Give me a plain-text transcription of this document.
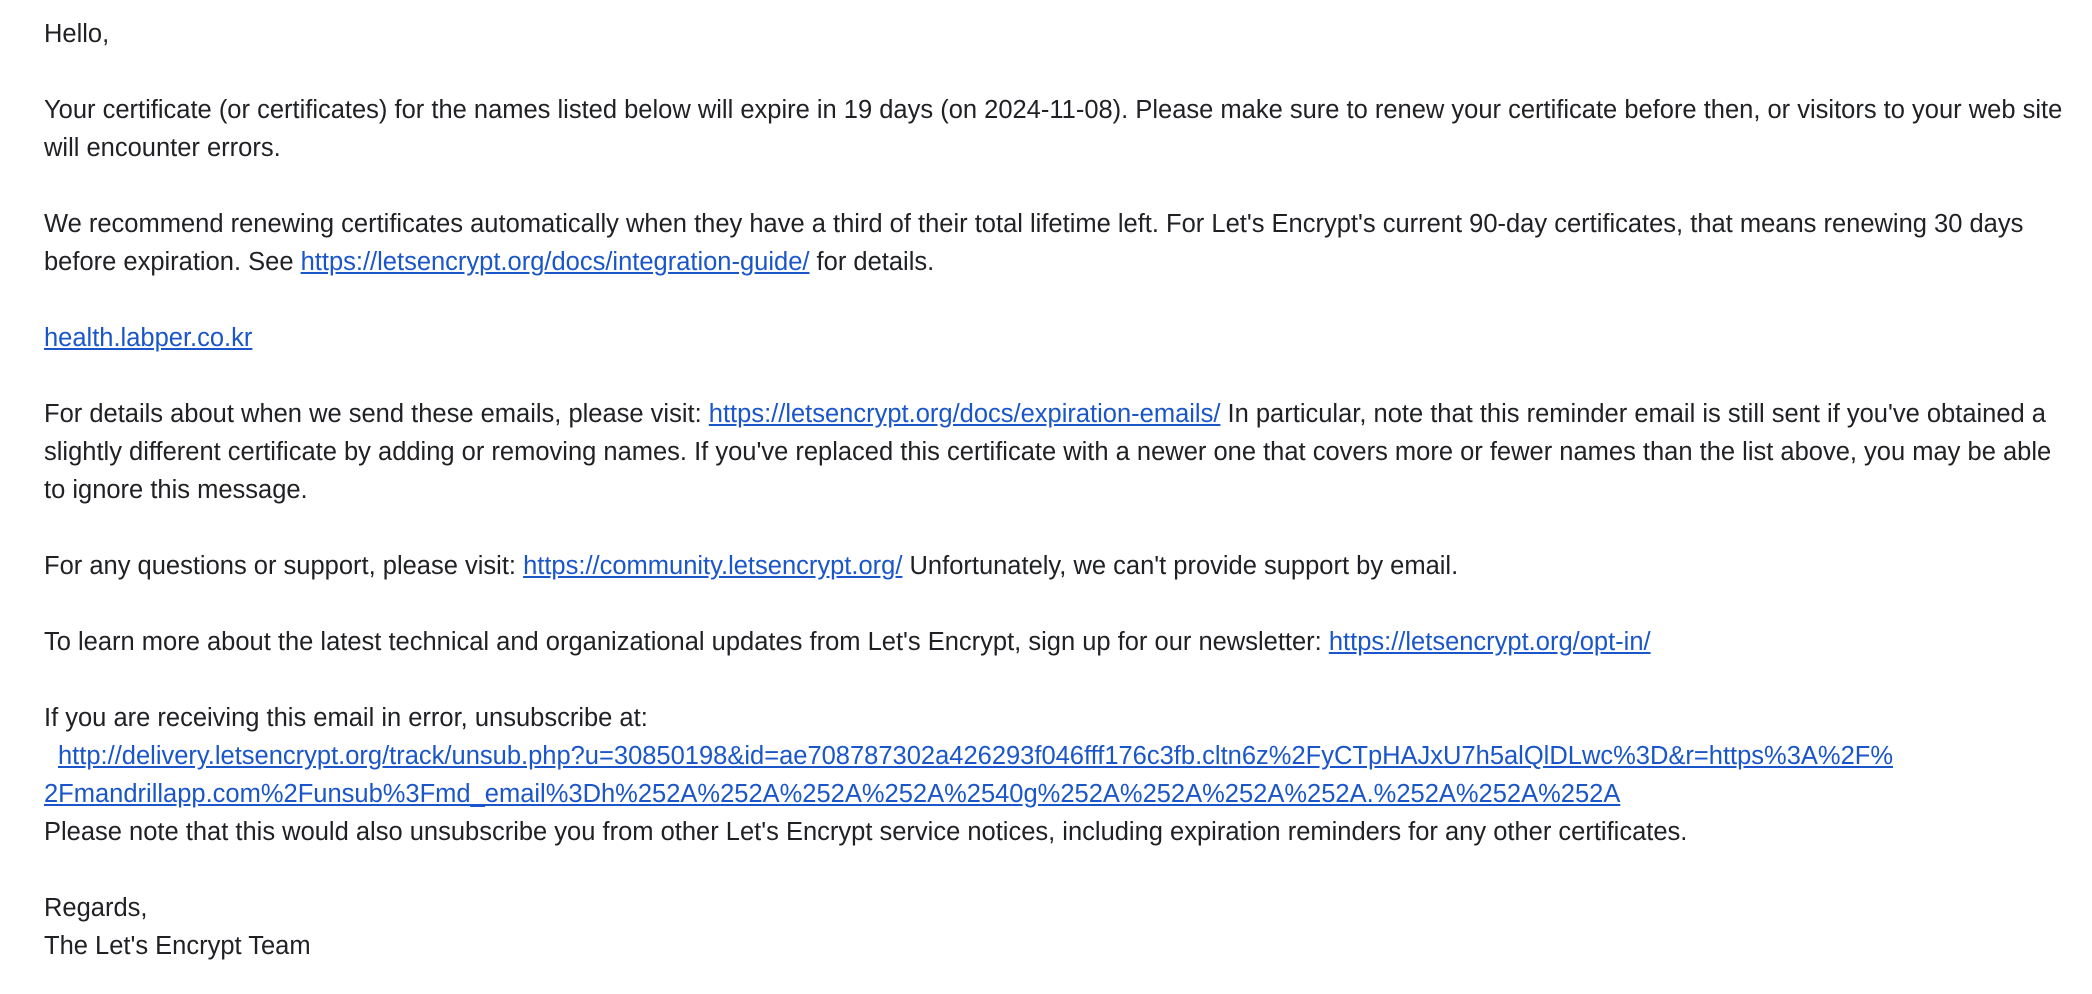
Hello,

Your certificate (or certificates) for the names listed below will expire in 19 days (on 2024-11-08). Please make sure to renew your certificate before then, or visitors to your web site will encounter errors.

We recommend renewing certificates automatically when they have a third of their total lifetime left. For Let's Encrypt's current 90-day certificates, that means renewing 30 days before expiration. See https://letsencrypt.org/docs/integration-guide/ for details.

health.labper.co.kr

For details about when we send these emails, please visit: https://letsencrypt.org/docs/expiration-emails/ In particular, note that this reminder email is still sent if you've obtained a slightly different certificate by adding or removing names. If you've replaced this certificate with a newer one that covers more or fewer names than the list above, you may be able to ignore this message.

For any questions or support, please visit: https://community.letsencrypt.org/ Unfortunately, we can't provide support by email.

To learn more about the latest technical and organizational updates from Let's Encrypt, sign up for our newsletter: https://letsencrypt.org/opt-in/

If you are receiving this email in error, unsubscribe at:
http://delivery.letsencrypt.org/track/unsub.php?u=30850198&id=ae708787302a426293f046fff176c3fb.cltn6z%2FyCTpHAJxU7h5alQlDLwc%3D&r=https%3A%2F%
2Fmandrillapp.com%2Funsub%3Fmd_email%3Dh%252A%252A%252A%252A%2540g%252A%252A%252A%252A.%252A%252A%252A

Please note that this would also unsubscribe you from other Let's Encrypt service notices, including expiration reminders for any other certificates.

Regards,

The Let's Encrypt Team
